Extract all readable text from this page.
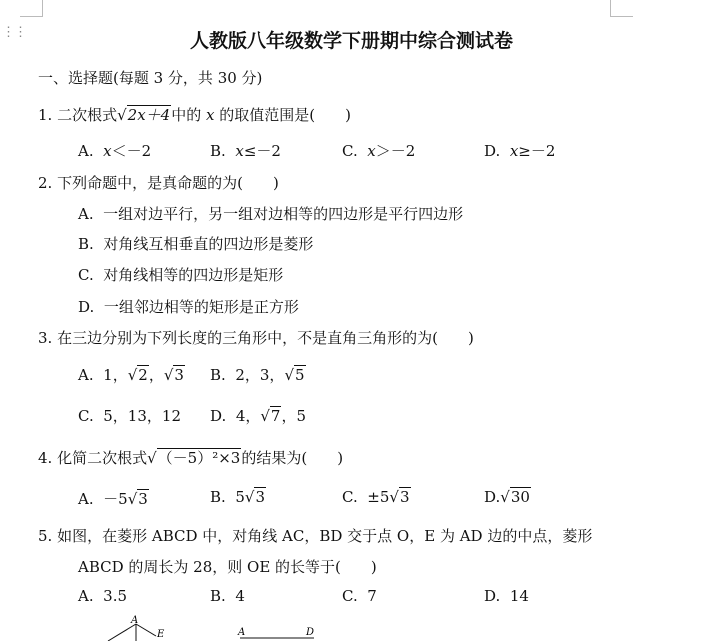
⋮⋮	人教版八年级数学下册期中综合测试卷
一、选择题(每题 3 分，共 30 分)
1. 二次根式√2x＋4中的 x 的取值范围是(　　)
A. x＜－2	B. x≤－2	C. x＞－2	D. x≥－2
2. 下列命题中，是真命题的为(　　)
A. 一组对边平行，另一组对边相等的四边形是平行四边形
B. 对角线互相垂直的四边形是菱形
C. 对角线相等的四边形是矩形
D. 一组邻边相等的矩形是正方形
3. 在三边分别为下列长度的三角形中，不是直角三角形的为(　　)
A. 1，√2，√3 B. 2，3，√5
C. 5，13，12 D. 4，√7，5
4. 化简二次根式√（－5）²×3的结果为(　　)
A. －5√3	B. 5√3	C. ±5√3	D.√30
5. 如图，在菱形 ABCD 中，对角线 AC，BD 交于点 O，E 为 AD 边的中点，菱形
ABCD 的周长为 28，则 OE 的长等于(　　)
A. 3.5	B. 4	C. 7	D. 14
A
E	A	D
